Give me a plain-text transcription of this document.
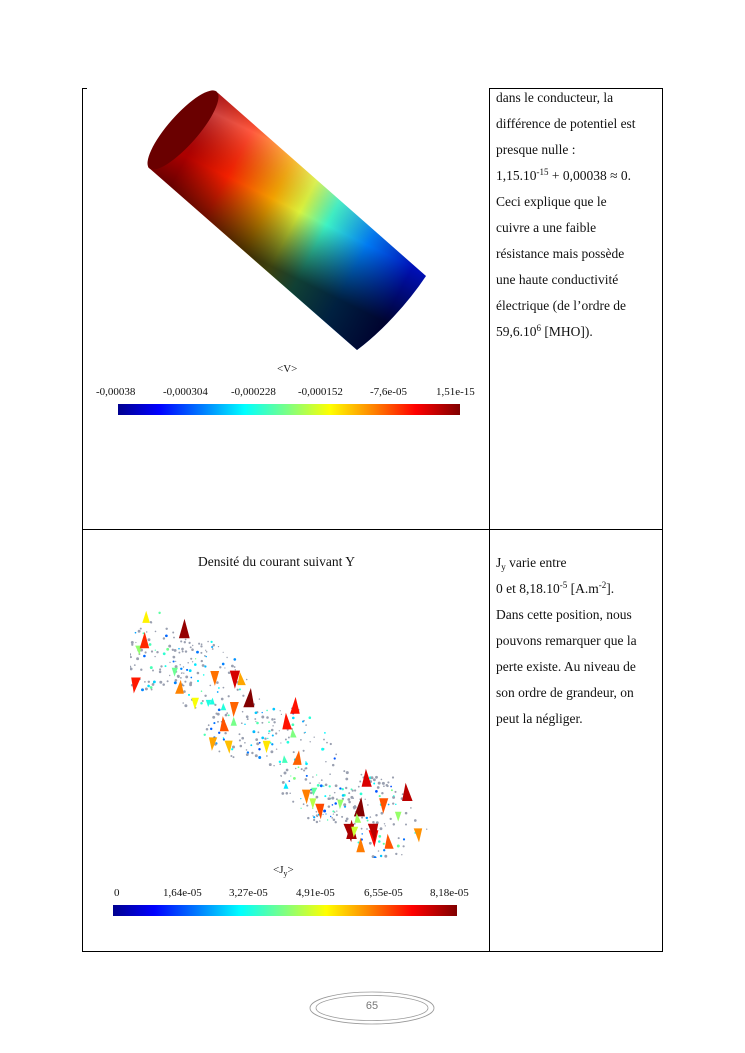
<V>
-0,00038	-0,000304 -0,000228 -0,000152 -7,6e-05	1,51e-15
dans le conducteur, la
différence de potentiel est
presque nulle :
$1,15.10^{-15} + 0,00038 \approx 0$.
Ceci explique que le
cuivre a une faible
résistance mais possède
une haute conductivité
électrique (de l’ordre de
59,6.10$^6$ [MHO]).
Densité du courant suivant Y
$<J_y>$
0	1,64e-05 3,27e-05	4,91e-05	6,55e-05 8,18e-05
$J_y$ varie entre
0 et $8,18.10^{-5}$ $[A.m^{-2}]$.
Dans cette position, nous
pouvons remarquer que la
perte existe. Au niveau de
son ordre de grandeur, on
peut la négliger.
65
